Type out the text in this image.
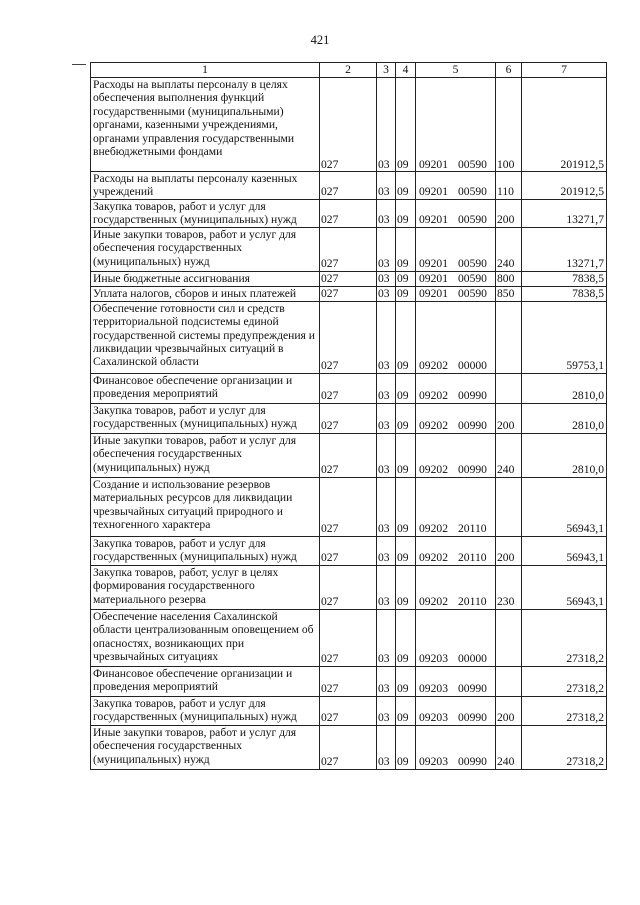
421
1	2	3	4	5	6	7
Расходы на выплаты персоналу в целях обеспечения выполнения функций государственными (муниципальными) органами, казенными учреждениями, органами управления государственными внебюджетными фондами	027	03	09	09201 00590	100	201912,5
Расходы на выплаты персоналу казенных учреждений	027	03	09	09201 00590	110	201912,5
Закупка товаров, работ и услуг для государственных (муниципальных) нужд	027	03	09	09201 00590	200	13271,7
Иные закупки товаров, работ и услуг для обеспечения государственных (муниципальных) нужд	027	03	09	09201 00590	240	13271,7
Иные бюджетные ассигнования	027	03	09	09201 00590	800	7838,5
Уплата налогов, сборов и иных платежей	027	03	09	09201 00590	850	7838,5
Обеспечение готовности сил и средств территориальной подсистемы единой государственной системы предупреждения и ликвидации чрезвычайных ситуаций в Сахалинской области	027	03	09	09202 00000		59753,1
Финансовое обеспечение организации и проведения мероприятий	027	03	09	09202 00990		2810,0
Закупка товаров, работ и услуг для государственных (муниципальных) нужд	027	03	09	09202 00990	200	2810,0
Иные закупки товаров, работ и услуг для обеспечения государственных (муниципальных) нужд	027	03	09	09202 00990	240	2810,0
Создание и использование резервов материальных ресурсов для ликвидации чрезвычайных ситуаций природного и техногенного характера	027	03	09	09202 20110		56943,1
Закупка товаров, работ и услуг для государственных (муниципальных) нужд	027	03	09	09202 20110	200	56943,1
Закупка товаров, работ, услуг в целях формирования государственного материального резерва	027	03	09	09202 20110	230	56943,1
Обеспечение населения Сахалинской области централизованным оповещением об опасностях, возникающих при чрезвычайных ситуациях	027	03	09	09203 00000		27318,2
Финансовое обеспечение организации и проведения мероприятий	027	03	09	09203 00990		27318,2
Закупка товаров, работ и услуг для государственных (муниципальных) нужд	027	03	09	09203 00990	200	27318,2
Иные закупки товаров, работ и услуг для обеспечения государственных (муниципальных) нужд	027	03	09	09203 00990	240	27318,2
